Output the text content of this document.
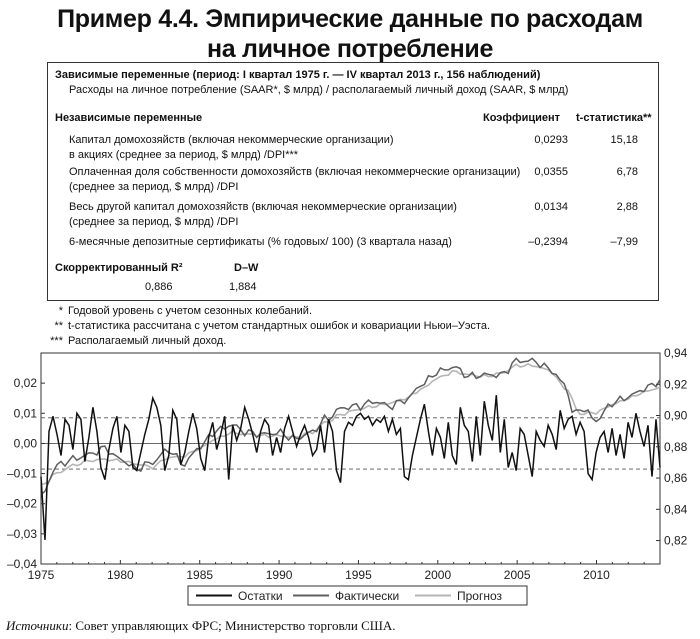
Пример 4.4. Эмпирические данные по расходам
на личное потребление
Зависимые переменные (период: I квартал 1975 г. — IV квартал 2013 г., 156 наблюдений)
Расходы на личное потребление (SAAR*, $ млрд) / располагаемый личный доход (SAAR, $ млрд)
Независимые переменные	Коэффициент t-статистика**
Капитал домохозяйств (включая некоммерческие организации)
в акциях (среднее за период, $ млрд) /DPI***
0,0293	15,18
Оплаченная доля собственности домохозяйств (включая некоммерческие организации)
(среднее за период, $ млрд) /DPI
0,0355	6,78
Весь другой капитал домохозяйств (включая некоммерческие организации)
(среднее за период, $ млрд) /DPI
0,0134	2,88
6-месячные депозитные сертификаты (% годовых/ 100) (3 квартала назад)	–0,2394	–7,99
Скорректированный R²	D–W
0,886	1,884
* Годовой уровень с учетом сезонных колебаний.
** t-статистика рассчитана с учетом стандартных ошибок и ковариации Ньюи–Уэста.
*** Располагаемый личный доход.
–0,04
–0,03
–0,02
–0,01
0,00
0,01
0,02
0,82
0,84
0,86
0,88
0,90
0,92
0,94
1975	1980	1985	1990	1995	2000	2005	2010
Остатки	Фактически	Прогноз
Источники: Совет управляющих ФРС; Министерство торговли США.
